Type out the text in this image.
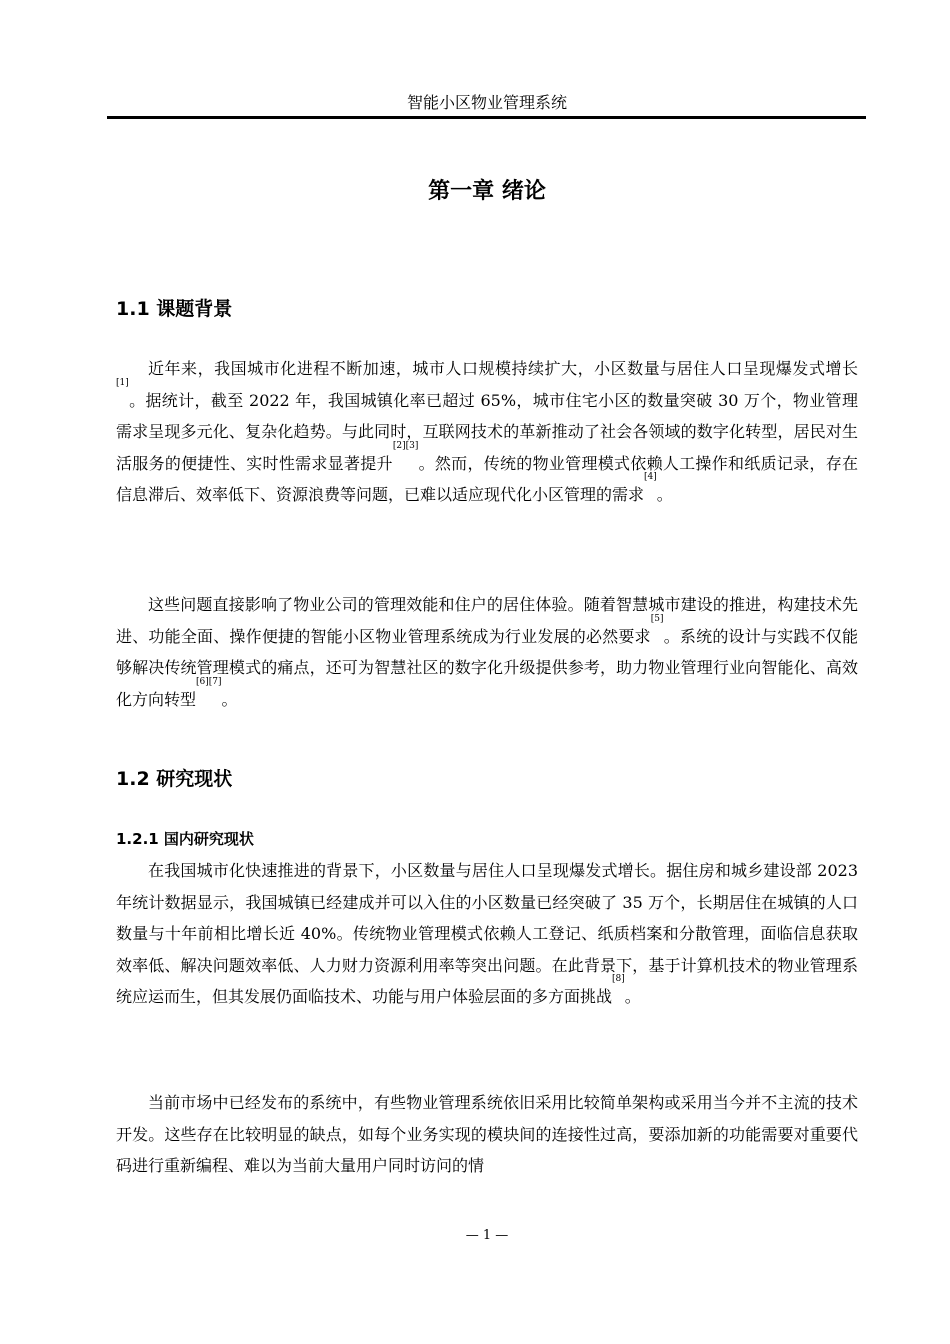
智能小区物业管理系统
第一章 绪论
1.1 课题背景

近年来，我国城市化进程不断加速，城市人口规模持续扩大，小区数量与居住人口呈现爆发式增长[1]。据统计，截至 2022 年，我国城镇化率已超过 65%，城市住宅小区的数量突破 30 万个，物业管理需求呈现多元化、复杂化趋势。与此同时，互联网技术的革新推动了社会各领域的数字化转型，居民对生活服务的便捷性、实时性需求显著提升[2][3]。然而，传统的物业管理模式依赖人工操作和纸质记录，存在信息滞后、效率低下、资源浪费等问题，已难以适应现代化小区管理的需求[4]。

这些问题直接影响了物业公司的管理效能和住户的居住体验。随着智慧城市建设的推进，构建技术先进、功能全面、操作便捷的智能小区物业管理系统成为行业发展的必然要求[5]。系统的设计与实践不仅能够解决传统管理模式的痛点，还可为智慧社区的数字化升级提供参考，助力物业管理行业向智能化、高效化方向转型[6][7]。

1.2 研究现状
1.2.1 国内研究现状

在我国城市化快速推进的背景下，小区数量与居住人口呈现爆发式增长。据住房和城乡建设部 2023 年统计数据显示，我国城镇已经建成并可以入住的小区数量已经突破了 35 万个，长期居住在城镇的人口数量与十年前相比增长近 40%。传统物业管理模式依赖人工登记、纸质档案和分散管理，面临信息获取效率低、解决问题效率低、人力财力资源利用率等突出问题。在此背景下，基于计算机技术的物业管理系统应运而生，但其发展仍面临技术、功能与用户体验层面的多方面挑战[8]。

当前市场中已经发布的系统中，有些物业管理系统依旧采用比较简单架构或采用当今并不主流的技术开发。这些存在比较明显的缺点，如每个业务实现的模块间的连接性过高，要添加新的功能需要对重要代码进行重新编程、难以为当前大量用户同时访问的情

— 1 —
